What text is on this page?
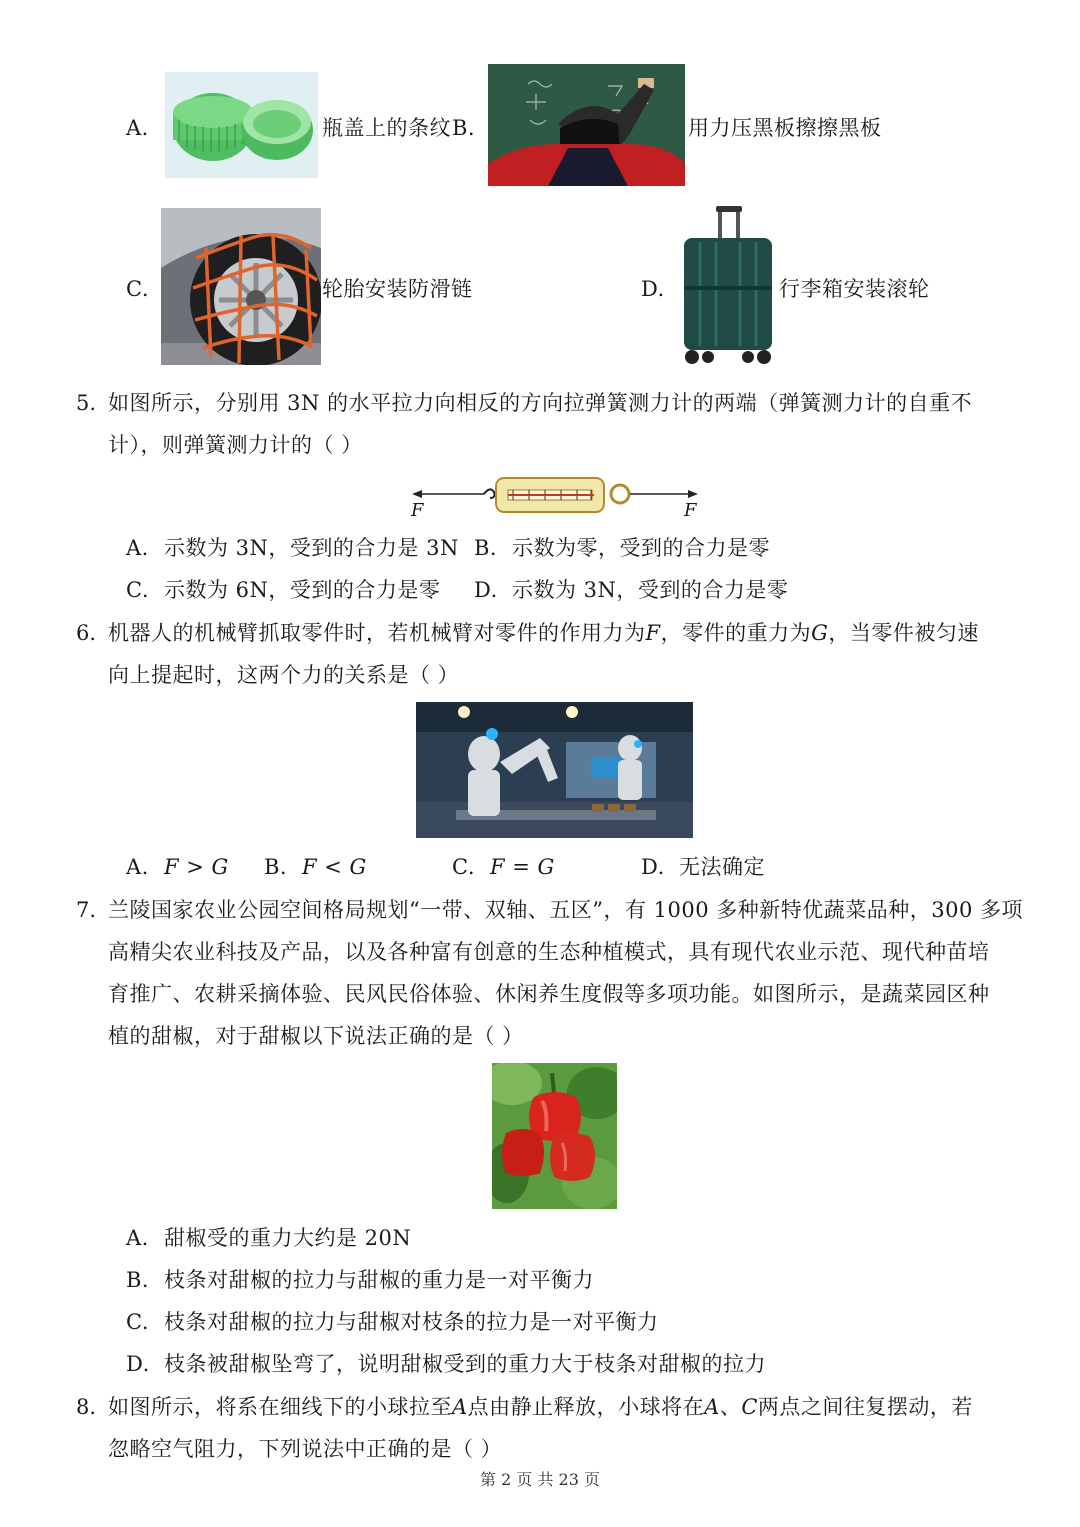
A.	瓶盖上的条纹 B.	用力压黑板擦擦黑板
C.	轮胎安装防滑链	D.	行李箱安装滚轮
5. 如图所示，分别用 3N 的水平拉力向相反的方向拉弹簧测力计的两端（弹簧测力计的自重不
计），则弹簧测力计的（ ）
F	F
A. 示数为 3N，受到的合力是 3N B. 示数为零，受到的合力是零
C. 示数为 6N，受到的合力是零 D. 示数为 3N，受到的合力是零
6. 机器人的机械臂抓取零件时，若机械臂对零件的作用力为F，零件的重力为G，当零件被匀速
向上提起时，这两个力的关系是（ ）
A. F > G B. F < G	C. F = G	D. 无法确定
7. 兰陵国家农业公园空间格局规划“一带、双轴、五区”，有 1000 多种新特优蔬菜品种，300 多项
高精尖农业科技及产品，以及各种富有创意的生态种植模式，具有现代农业示范、现代种苗培
育推广、农耕采摘体验、民风民俗体验、休闲养生度假等多项功能。如图所示，是蔬菜园区种
植的甜椒，对于甜椒以下说法正确的是（ ）
A. 甜椒受的重力大约是 20N
B. 枝条对甜椒的拉力与甜椒的重力是一对平衡力
C. 枝条对甜椒的拉力与甜椒对枝条的拉力是一对平衡力
D. 枝条被甜椒坠弯了，说明甜椒受到的重力大于枝条对甜椒的拉力
8. 如图所示，将系在细线下的小球拉至A点由静止释放，小球将在A、C两点之间往复摆动，若
忽略空气阻力，下列说法中正确的是（ ）
第 2 页 共 23 页
